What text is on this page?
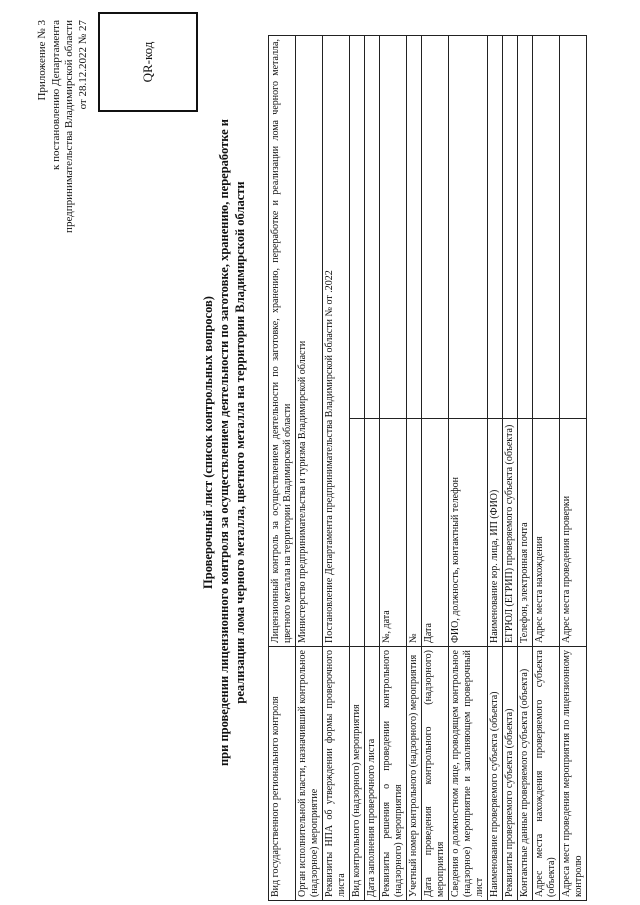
Приложение № 3 к постановлению Департамента предпринимательства Владимирской области от 28.12.2022 № 27	QR-код
Проверочный лист (список контрольных вопросов) при проведении лицензионного контроля за осуществлением деятельности по заготовке, хранению, переработке и реализации лома черного металла, цветного металла на территории Владимирской области
Вид государственного регионального контроля	Лицензионный контроль за осуществлением деятельности по заготовке, хранению, переработке и реализации лома черного металла, цветного металла на территории Владимирской области	
Орган исполнительной власти, назначивший контрольное (надзорное) мероприятие	Министерство предпринимательства и туризма Владимирской области	
Реквизиты НПА об утверждении формы проверочного листа	Постановление Департамента предпринимательства Владимирской области № от .2022	
Вид контрольного (надзорного) мероприятия		
Дата заполнения проверочного листа		
Реквизиты решения о проведении контрольного (надзорного) мероприятия	№, дата	
Учетный номер контрольного (надзорного) мероприятия	№	
Дата проведения контрольного (надзорного) мероприятия	Дата	
Сведения о должностном лице, проводящем контрольное (надзорное) мероприятие и заполняющем проверочный лист	ФИО, должность, контактный телефон	
Наименование проверяемого субъекта (объекта)	Наименование юр. лица, ИП (ФИО)	
Реквизиты проверяемого субъекта (объекта)	ЕГРЮЛ (ЕГРИП) проверяемого субъекта (объекта)	
Контактные данные проверяемого субъекта (объекта)	Телефон, электронная почта	
Адрес места нахождения проверяемого субъекта (объекта)	Адрес места нахождения	
Адреса мест проведения мероприятия по лицензионному контролю	Адрес места проведения проверки	
